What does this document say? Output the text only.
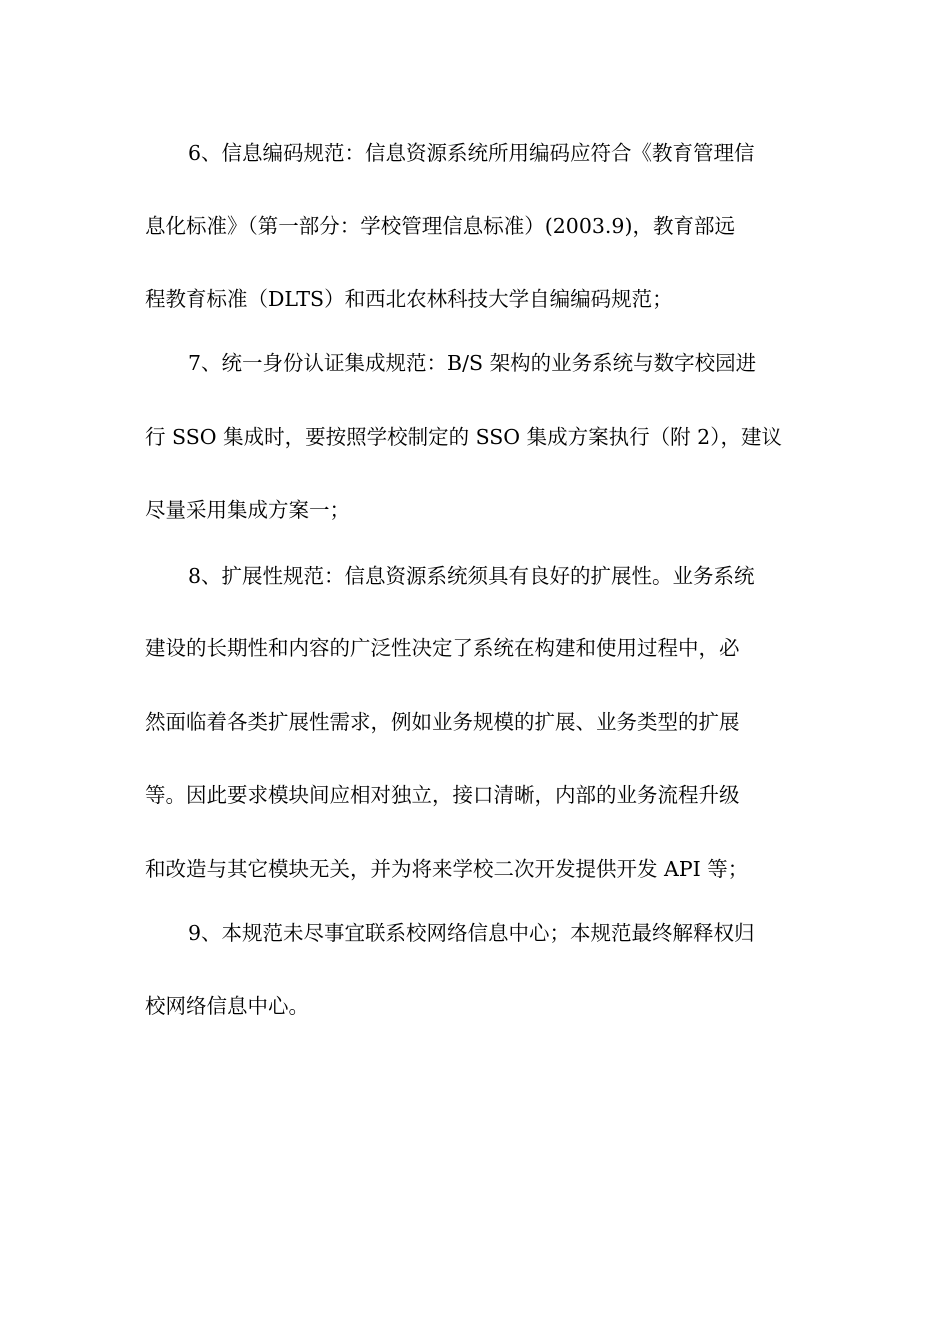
6、信息编码规范：信息资源系统所用编码应符合《教育管理信
息化标准》（第一部分：学校管理信息标准）(2003.9)，教育部远
程教育标准（DLTS）和西北农林科技大学自编编码规范；
7、统一身份认证集成规范：B/S 架构的业务系统与数字校园进
行 SSO 集成时，要按照学校制定的 SSO 集成方案执行（附 2），建议
尽量采用集成方案一；
8、扩展性规范：信息资源系统须具有良好的扩展性。业务系统
建设的长期性和内容的广泛性决定了系统在构建和使用过程中，必
然面临着各类扩展性需求，例如业务规模的扩展、业务类型的扩展
等。因此要求模块间应相对独立，接口清晰，内部的业务流程升级
和改造与其它模块无关，并为将来学校二次开发提供开发 API 等；
9、本规范未尽事宜联系校网络信息中心；本规范最终解释权归
校网络信息中心。
